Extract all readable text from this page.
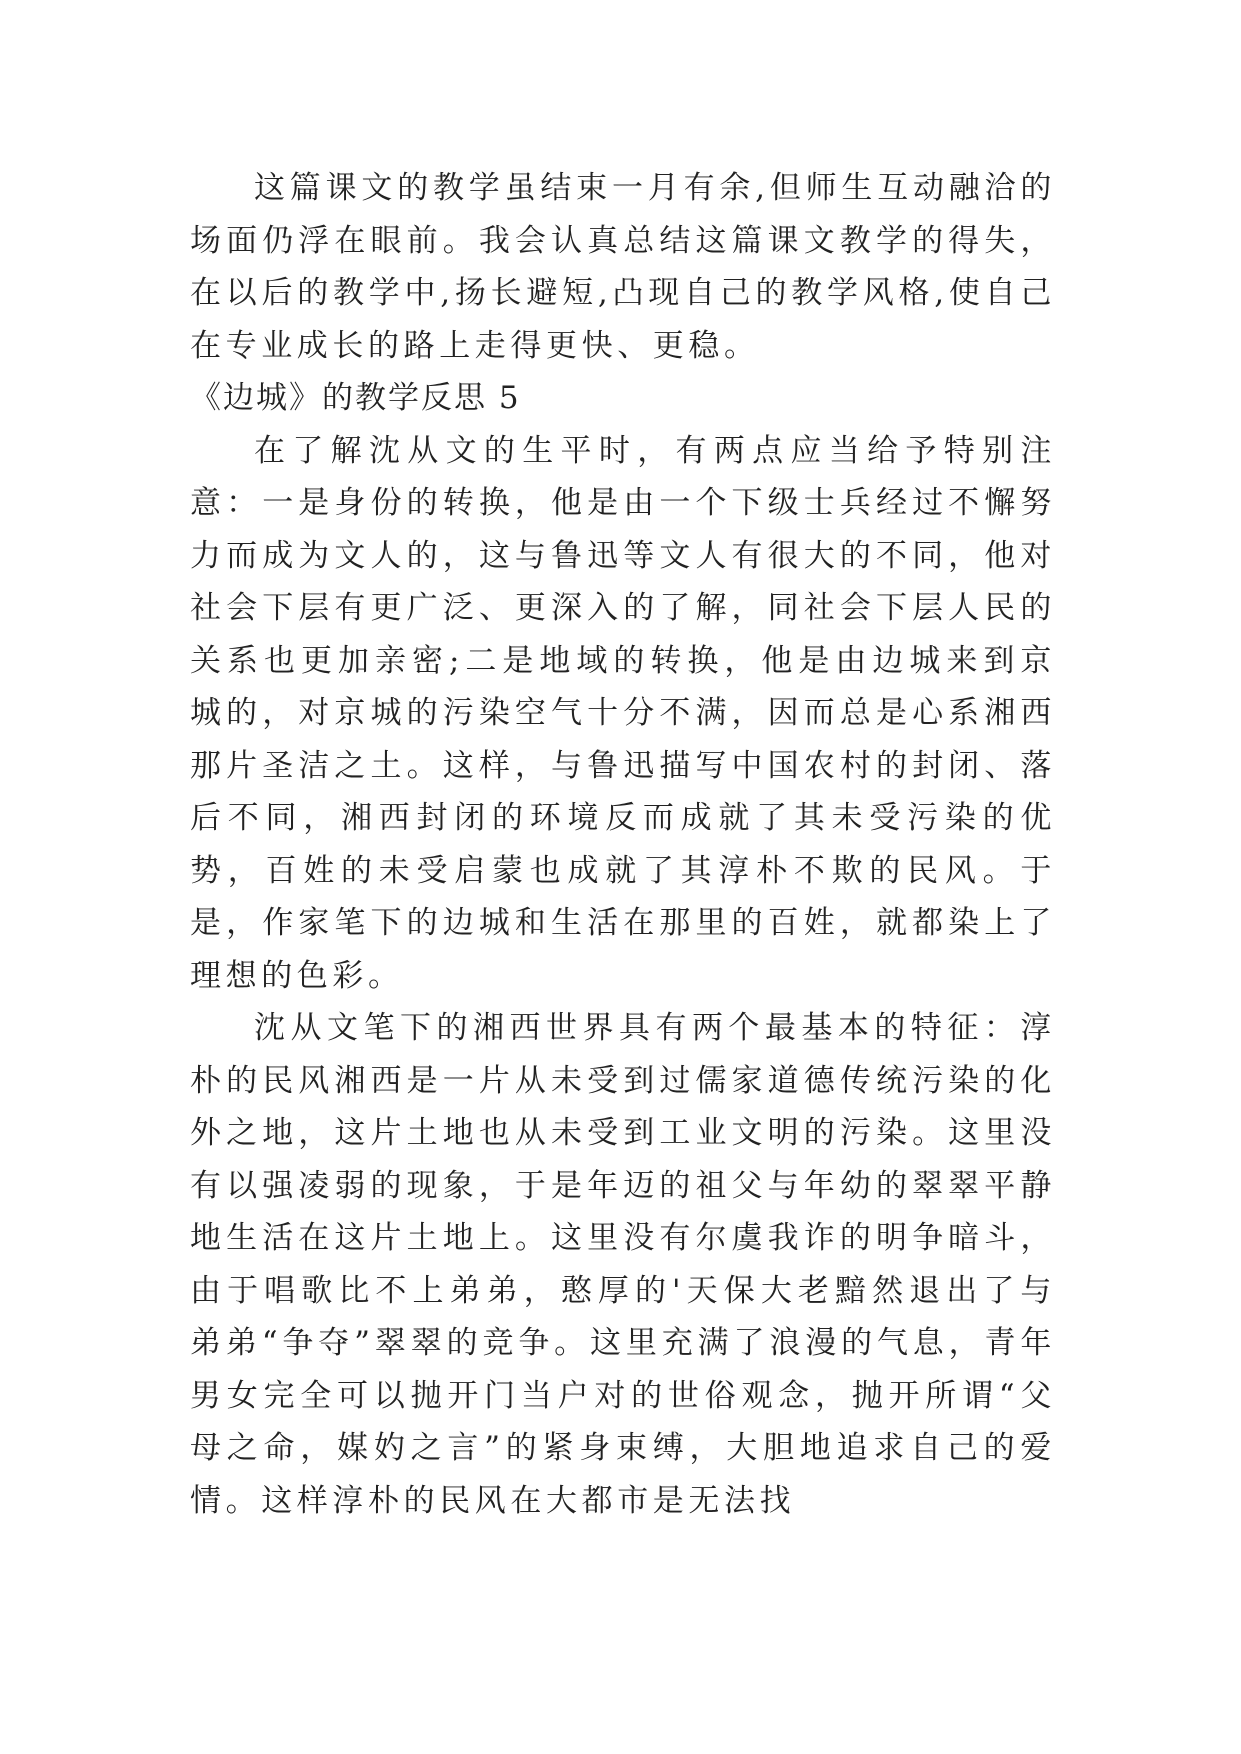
这篇课文的教学虽结束一月有余,但师生互动融洽的场面仍浮在眼前。我会认真总结这篇课文教学的得失，在以后的教学中,扬长避短,凸现自己的教学风格,使自己在专业成长的路上走得更快、更稳。

《边城》的教学反思 5

在了解沈从文的生平时，有两点应当给予特别注意：一是身份的转换，他是由一个下级士兵经过不懈努力而成为文人的，这与鲁迅等文人有很大的不同，他对社会下层有更广泛、更深入的了解，同社会下层人民的关系也更加亲密;二是地域的转换，他是由边城来到京城的，对京城的污染空气十分不满，因而总是心系湘西那片圣洁之土。这样，与鲁迅描写中国农村的封闭、落后不同，湘西封闭的环境反而成就了其未受污染的优势，百姓的未受启蒙也成就了其淳朴不欺的民风。于是，作家笔下的边城和生活在那里的百姓，就都染上了理想的色彩。

沈从文笔下的湘西世界具有两个最基本的特征：淳朴的民风湘西是一片从未受到过儒家道德传统污染的化外之地，这片土地也从未受到工业文明的污染。这里没有以强凌弱的现象，于是年迈的祖父与年幼的翠翠平静地生活在这片土地上。这里没有尔虞我诈的明争暗斗，由于唱歌比不上弟弟，憨厚的'天保大老黯然退出了与弟弟“争夺”翠翠的竞争。这里充满了浪漫的气息，青年男女完全可以抛开门当户对的世俗观念，抛开所谓“父母之命，媒妁之言”的紧身束缚，大胆地追求自己的爱情。这样淳朴的民风在大都市是无法找
